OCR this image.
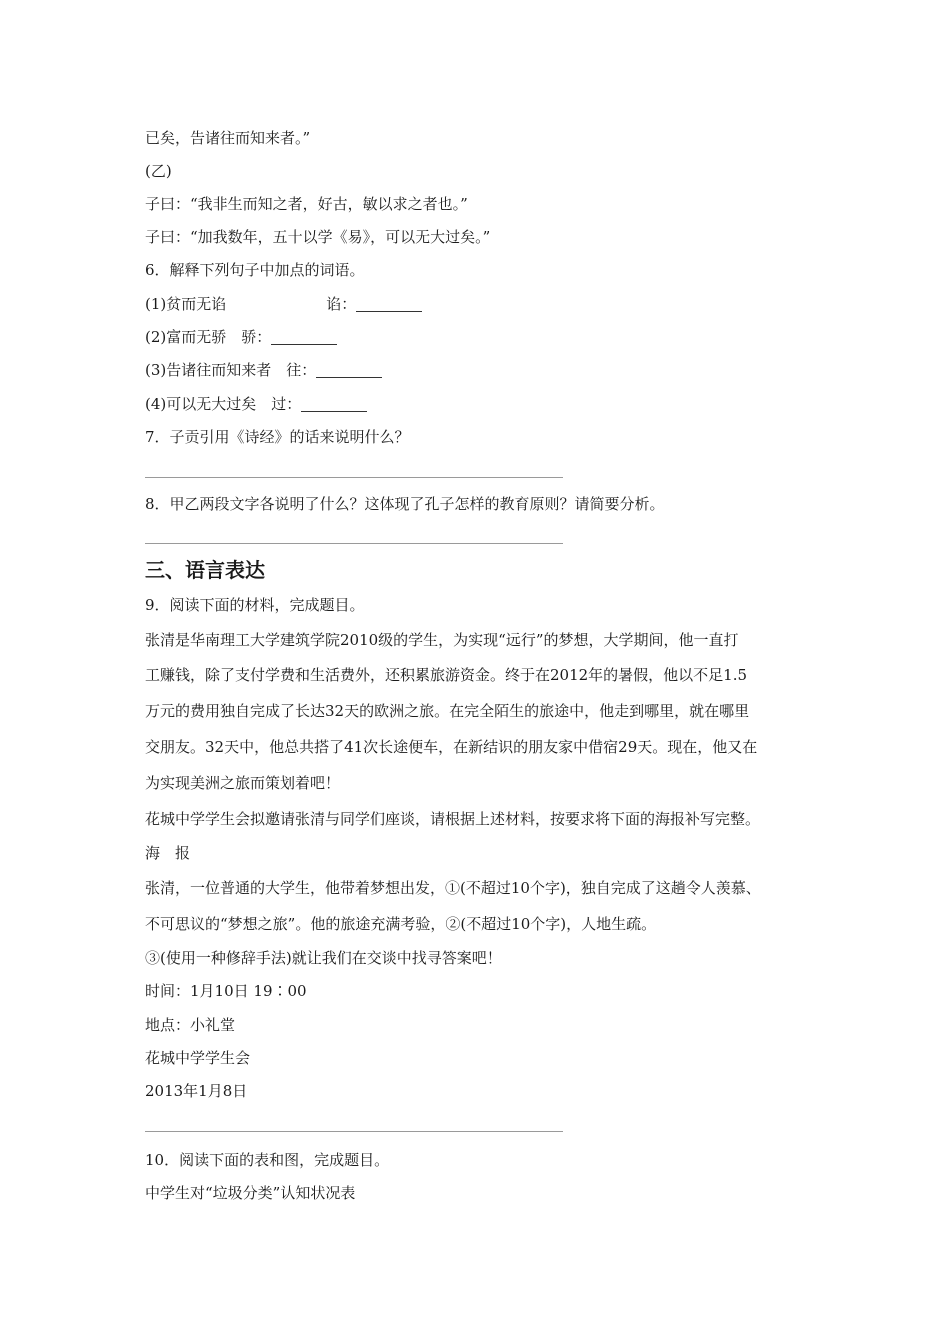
已矣，告诸往而知来者。”

(乙)

子曰：“我非生而知之者，好古，敏以求之者也。”

子曰：“加我数年，五十以学《易》，可以无大过矣。”

6．解释下列句子中加点的词语。

(1)贫而无谄	谄：

(2)富而无骄　骄：

(3)告诸往而知来者　往：

(4)可以无大过矣　过：

7．子贡引用《诗经》的话来说明什么？

8．甲乙两段文字各说明了什么？这体现了孔子怎样的教育原则？请简要分析。

三、语言表达

9．阅读下面的材料，完成题目。

张清是华南理工大学建筑学院2010级的学生，为实现“远行”的梦想，大学期间，他一直打

工赚钱，除了支付学费和生活费外，还积累旅游资金。终于在2012年的暑假，他以不足1.5

万元的费用独自完成了长达32天的欧洲之旅。在完全陌生的旅途中，他走到哪里，就在哪里

交朋友。32天中，他总共搭了41次长途便车，在新结识的朋友家中借宿29天。现在，他又在

为实现美洲之旅而策划着吧！

花城中学学生会拟邀请张清与同学们座谈，请根据上述材料，按要求将下面的海报补写完整。

海　报

张清，一位普通的大学生，他带着梦想出发，①(不超过10个字)，独自完成了这趟令人羡慕、

不可思议的“梦想之旅”。他的旅途充满考验，②(不超过10个字)，人地生疏。

③(使用一种修辞手法)就让我们在交谈中找寻答案吧！

时间：1月10日 19∶00

地点：小礼堂

花城中学学生会

2013年1月8日

10．阅读下面的表和图，完成题目。

中学生对“垃圾分类”认知状况表
